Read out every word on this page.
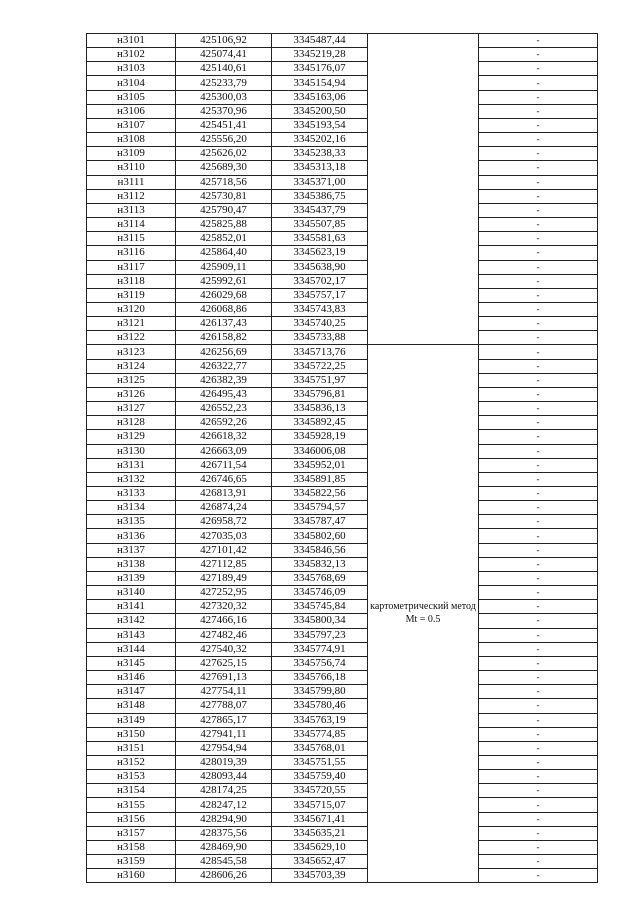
н3101	425106,92	3345487,44		-
н3102	425074,41	3345219,28		-
н3103	425140,61	3345176,07		-
н3104	425233,79	3345154,94		-
н3105	425300,03	3345163,06		-
н3106	425370,96	3345200,50		-
н3107	425451,41	3345193,54		-
н3108	425556,20	3345202,16		-
н3109	425626,02	3345238,33		-
н3110	425689,30	3345313,18		-
н3111	425718,56	3345371,00		-
н3112	425730,81	3345386,75		-
н3113	425790,47	3345437,79		-
н3114	425825,88	3345507,85		-
н3115	425852,01	3345581,63		-
н3116	425864,40	3345623,19		-
н3117	425909,11	3345638,90		-
н3118	425992,61	3345702,17		-
н3119	426029,68	3345757,17		-
н3120	426068,86	3345743,83		-
н3121	426137,43	3345740,25		-
н3122	426158,82	3345733,88		-
н3123	426256,69	3345713,76	картометрический метод Mt = 0.5	-
н3124	426322,77	3345722,25		-
н3125	426382,39	3345751,97		-
н3126	426495,43	3345796,81		-
н3127	426552,23	3345836,13		-
н3128	426592,26	3345892,45		-
н3129	426618,32	3345928,19		-
н3130	426663,09	3346006,08		-
н3131	426711,54	3345952,01		-
н3132	426746,65	3345891,85		-
н3133	426813,91	3345822,56		-
н3134	426874,24	3345794,57		-
н3135	426958,72	3345787,47		-
н3136	427035,03	3345802,60		-
н3137	427101,42	3345846,56		-
н3138	427112,85	3345832,13		-
н3139	427189,49	3345768,69		-
н3140	427252,95	3345746,09		-
н3141	427320,32	3345745,84		-
н3142	427466,16	3345800,34		-
н3143	427482,46	3345797,23		-
н3144	427540,32	3345774,91		-
н3145	427625,15	3345756,74		-
н3146	427691,13	3345766,18		-
н3147	427754,11	3345799,80		-
н3148	427788,07	3345780,46		-
н3149	427865,17	3345763,19		-
н3150	427941,11	3345774,85		-
н3151	427954,94	3345768,01		-
н3152	428019,39	3345751,55		-
н3153	428093,44	3345759,40		-
н3154	428174,25	3345720,55		-
н3155	428247,12	3345715,07		-
н3156	428294,90	3345671,41		-
н3157	428375,56	3345635,21		-
н3158	428469,90	3345629,10		-
н3159	428545,58	3345652,47		-
н3160	428606,26	3345703,39		-
